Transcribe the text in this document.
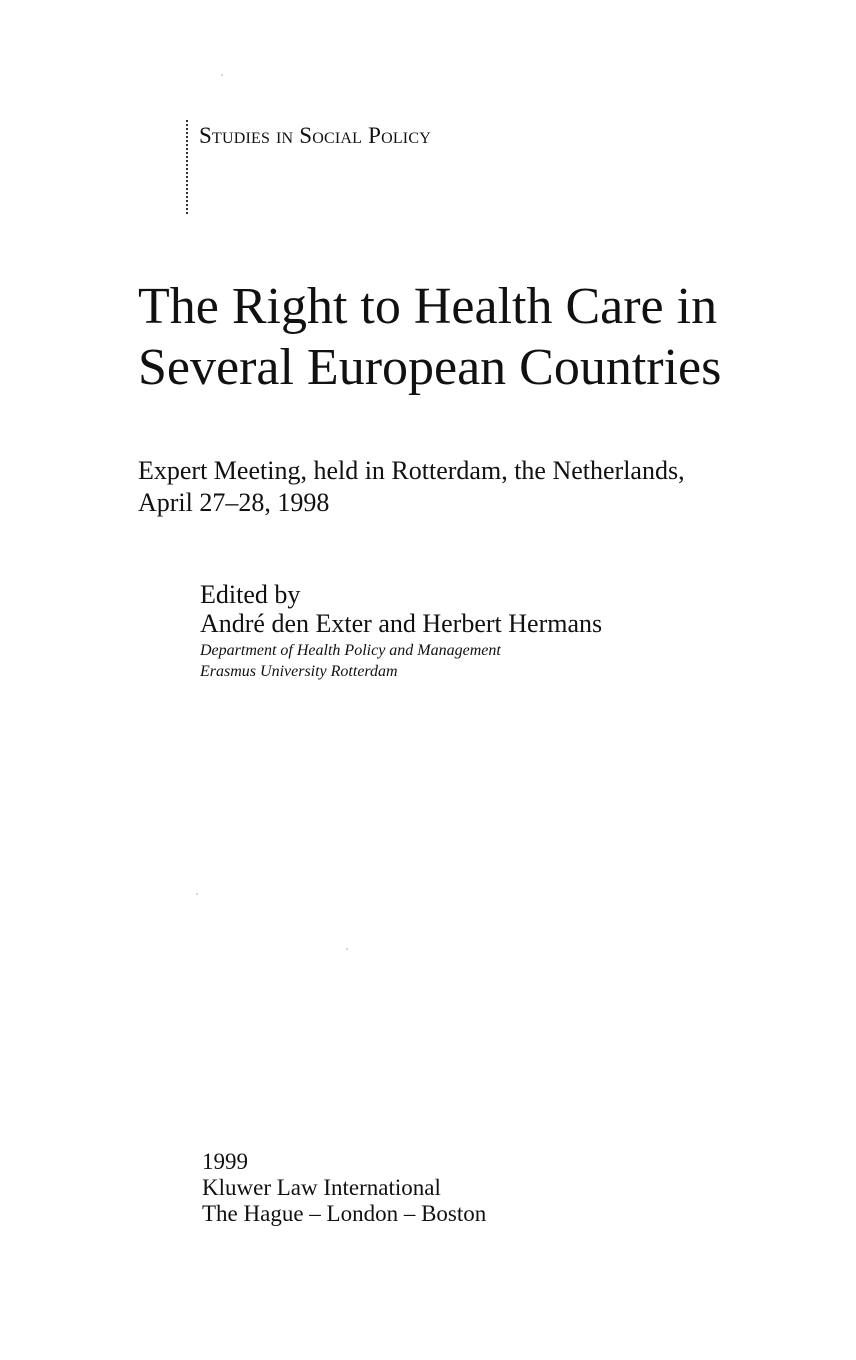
Studies in Social Policy
The Right to Health Care in
Several European Countries
Expert Meeting, held in Rotterdam, the Netherlands,
April 27–28, 1998
Edited by
André den Exter and Herbert Hermans
Department of Health Policy and Management
Erasmus University Rotterdam
1999
Kluwer Law International
The Hague – London – Boston
